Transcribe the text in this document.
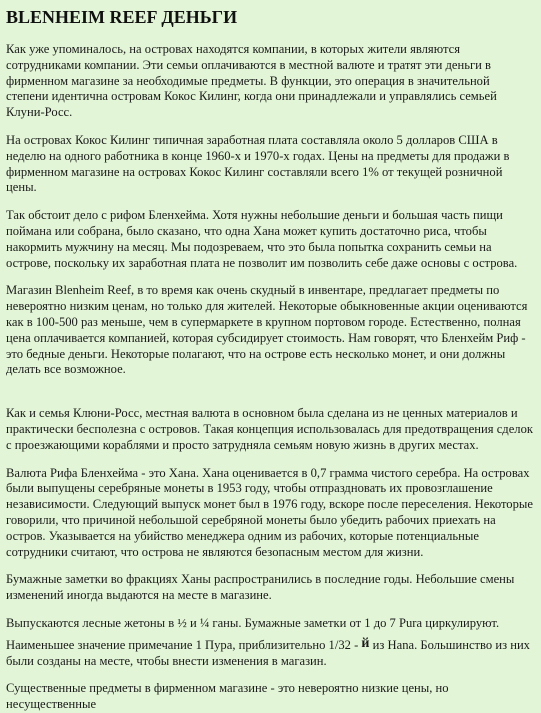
BLENHEIM REEF ДЕНЬГИ

Как уже упоминалось, на островах находятся компании, в которых жители являются сотрудниками компании. Эти семьи оплачиваются в местной валюте и тратят эти деньги в фирменном магазине за необходимые предметы. В функции, это операция в значительной степени идентична островам Кокос Килинг, когда они принадлежали и управлялись семьей Клуни-Росс.

На островах Кокос Килинг типичная заработная плата составляла около 5 долларов США в неделю на одного работника в конце 1960-х и 1970-х годах. Цены на предметы для продажи в фирменном магазине на островах Кокос Килинг составляли всего 1% от текущей розничной цены.

Так обстоит дело с рифом Бленхейма. Хотя нужны небольшие деньги и большая часть пищи поймана или собрана, было сказано, что одна Хана может купить достаточно риса, чтобы накормить мужчину на месяц. Мы подозреваем, что это была попытка сохранить семьи на острове, поскольку их заработная плата не позволит им позволить себе даже основы с острова.

Магазин Blenheim Reef, в то время как очень скудный в инвентаре, предлагает предметы по невероятно низким ценам, но только для жителей. Некоторые обыкновенные акции оцениваются как в 100-500 раз меньше, чем в супермаркете в крупном портовом городе. Естественно, полная цена оплачивается компанией, которая субсидирует стоимость. Нам говорят, что Бленхейм Риф - это бедные деньги. Некоторые полагают, что на острове есть несколько монет, и они должны делать все возможное.

Как и семья Клюни-Росс, местная валюта в основном была сделана из не ценных материалов и практически бесполезна с островов. Такая концепция использовалась для предотвращения сделок с проезжающими кораблями и просто затрудняла семьям новую жизнь в других местах.

Валюта Рифа Бленхейма - это Хана. Хана оценивается в 0,7 грамма чистого серебра. На островах были выпущены серебряные монеты в 1953 году, чтобы отпраздновать их провозглашение независимости. Следующий выпуск монет был в 1976 году, вскоре после переселения. Некоторые говорили, что причиной небольшой серебряной монеты было убедить рабочих приехать на остров. Указывается на убийство менеджера одним из рабочих, которые потенциальные сотрудники считают, что острова не являются безопасным местом для жизни.

Бумажные заметки во фракциях Ханы распространились в последние годы. Небольшие смены изменений иногда выдаются на месте в магазине.

Выпускаются лесные жетоны в ½ и ¼ ганы. Бумажные заметки от 1 до 7 Pura циркулируют.

Наименьшее значение примечание 1 Пура, приблизительно 1/32 - й из Hana. Большинство из них были созданы на месте, чтобы внести изменения в магазин.

Существенные предметы в фирменном магазине - это невероятно низкие цены, но несущественные
